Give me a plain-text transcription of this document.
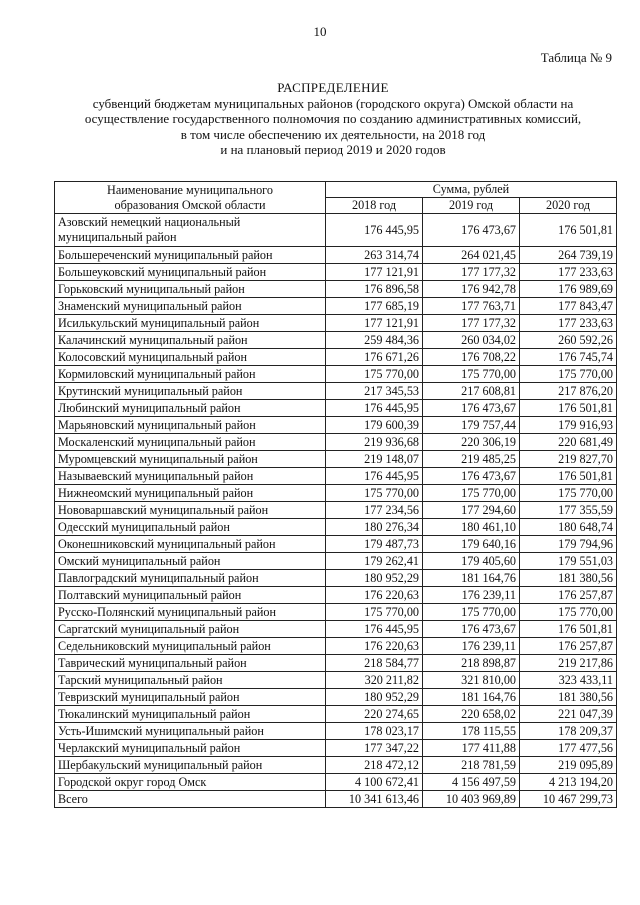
10
Таблица № 9
РАСПРЕДЕЛЕНИЕ
субвенций бюджетам муниципальных районов (городского округа) Омской области на
осуществление государственного полномочия по созданию административных комиссий,
в том числе обеспечению их деятельности, на 2018 год
и на плановый период 2019 и 2020 годов
Наименование муниципального
образования Омской области	Сумма, рублей		
	2018 год	2019 год	2020 год
Азовский немецкий национальный муниципальный район	176 445,95	176 473,67	176 501,81
Большереченский муниципальный район	263 314,74	264 021,45	264 739,19
Большеуковский муниципальный район	177 121,91	177 177,32	177 233,63
Горьковский муниципальный район	176 896,58	176 942,78	176 989,69
Знаменский муниципальный район	177 685,19	177 763,71	177 843,47
Исилькульский муниципальный район	177 121,91	177 177,32	177 233,63
Калачинский муниципальный район	259 484,36	260 034,02	260 592,26
Колосовский муниципальный район	176 671,26	176 708,22	176 745,74
Кормиловский муниципальный район	175 770,00	175 770,00	175 770,00
Крутинский муниципальный район	217 345,53	217 608,81	217 876,20
Любинский муниципальный район	176 445,95	176 473,67	176 501,81
Марьяновский муниципальный район	179 600,39	179 757,44	179 916,93
Москаленский муниципальный район	219 936,68	220 306,19	220 681,49
Муромцевский муниципальный район	219 148,07	219 485,25	219 827,70
Называевский муниципальный район	176 445,95	176 473,67	176 501,81
Нижнеомский муниципальный район	175 770,00	175 770,00	175 770,00
Нововаршавский муниципальный район	177 234,56	177 294,60	177 355,59
Одесский муниципальный район	180 276,34	180 461,10	180 648,74
Оконешниковский муниципальный район	179 487,73	179 640,16	179 794,96
Омский муниципальный район	179 262,41	179 405,60	179 551,03
Павлоградский муниципальный район	180 952,29	181 164,76	181 380,56
Полтавский муниципальный район	176 220,63	176 239,11	176 257,87
Русско-Полянский муниципальный район	175 770,00	175 770,00	175 770,00
Саргатский муниципальный район	176 445,95	176 473,67	176 501,81
Седельниковский муниципальный район	176 220,63	176 239,11	176 257,87
Таврический муниципальный район	218 584,77	218 898,87	219 217,86
Тарский муниципальный район	320 211,82	321 810,00	323 433,11
Тевризский муниципальный район	180 952,29	181 164,76	181 380,56
Тюкалинский муниципальный район	220 274,65	220 658,02	221 047,39
Усть-Ишимский муниципальный район	178 023,17	178 115,55	178 209,37
Черлакский муниципальный район	177 347,22	177 411,88	177 477,56
Шербакульский муниципальный район	218 472,12	218 781,59	219 095,89
Городской округ город Омск	4 100 672,41	4 156 497,59	4 213 194,20
Всего	10 341 613,46	10 403 969,89	10 467 299,73
